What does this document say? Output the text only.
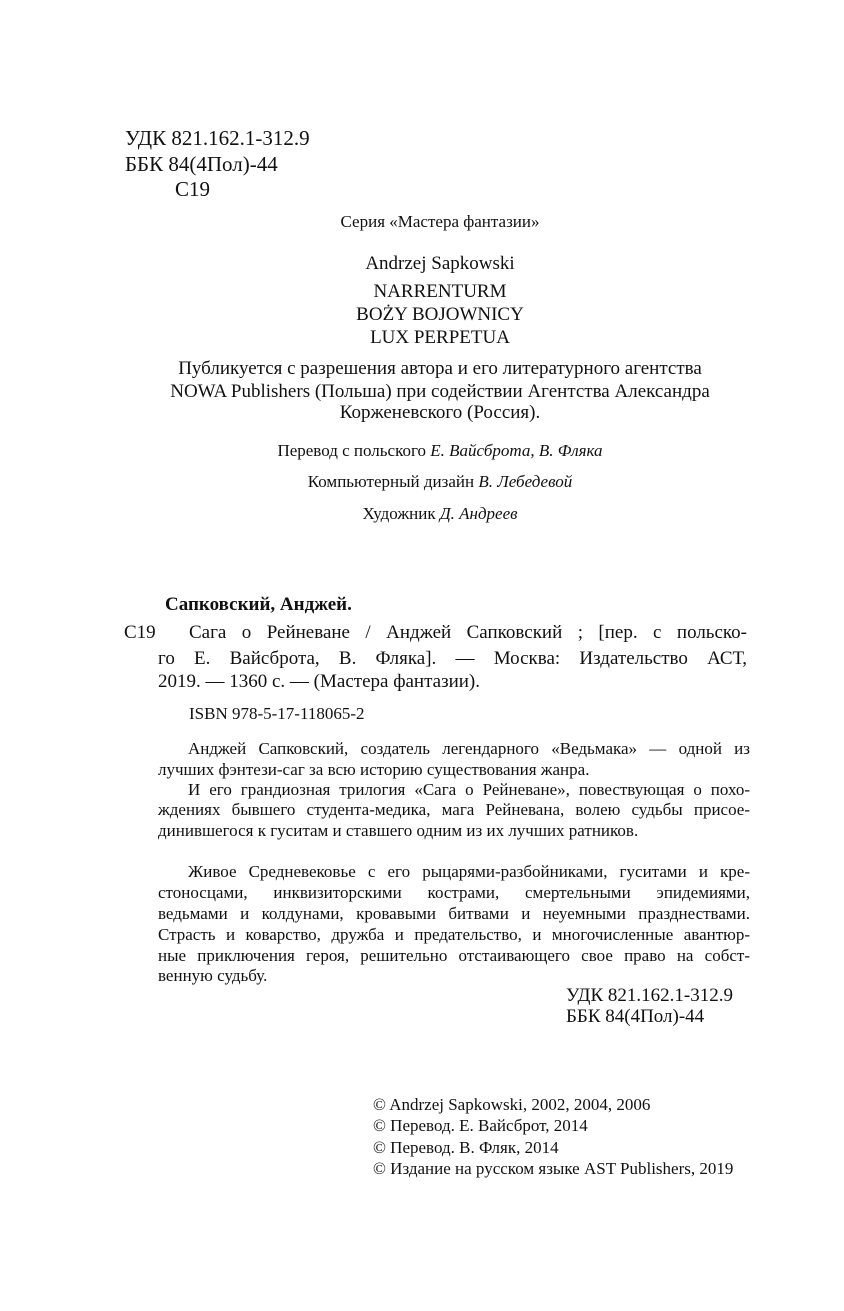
УДК 821.162.1-312.9
ББК 84(4Пол)-44
С19
Серия «Мастера фантазии»
Andrzej Sapkowski
NARRENTURM
BOŻY BOJOWNICY
LUX PERPETUA
Публикуется с разрешения автора и его литературного агентства
NOWA Publishers (Польша) при содействии Агентства Александра
Корженевского (Россия).
Перевод с польского Е. Вайсброта, В. Фляка
Компьютерный дизайн В. Лебедевой
Художник Д. Андреев
Сапковский, Анджей.
С19 Сага о Рейневане / Анджей Сапковский ; [пер. с польско-
го Е. Вайсброта, В. Фляка]. — Москва: Издательство АСТ,
2019. — 1360 с. — (Мастера фантазии).
ISBN 978-5-17-118065-2
Анджей Сапковский, создатель легендарного «Ведьмака» — одной из
лучших фэнтези-саг за всю историю существования жанра.
И его грандиозная трилогия «Сага о Рейневане», повествующая о похо-
ждениях бывшего студента-медика, мага Рейневана, волею судьбы присое-
динившегося к гуситам и ставшего одним из их лучших ратников.
Живое Средневековье с его рыцарями-разбойниками, гуситами и кре-
стоносцами, инквизиторскими кострами, смертельными эпидемиями,
ведьмами и колдунами, кровавыми битвами и неуемными празднествами.
Страсть и коварство, дружба и предательство, и многочисленные авантюр-
ные приключения героя, решительно отстаивающего свое право на собст-
венную судьбу.
УДК 821.162.1-312.9
ББК 84(4Пол)-44
© Andrzej Sapkowski, 2002, 2004, 2006
© Перевод. Е. Вайсброт, 2014
© Перевод. В. Фляк, 2014
© Издание на русском языке AST Publishers, 2019
